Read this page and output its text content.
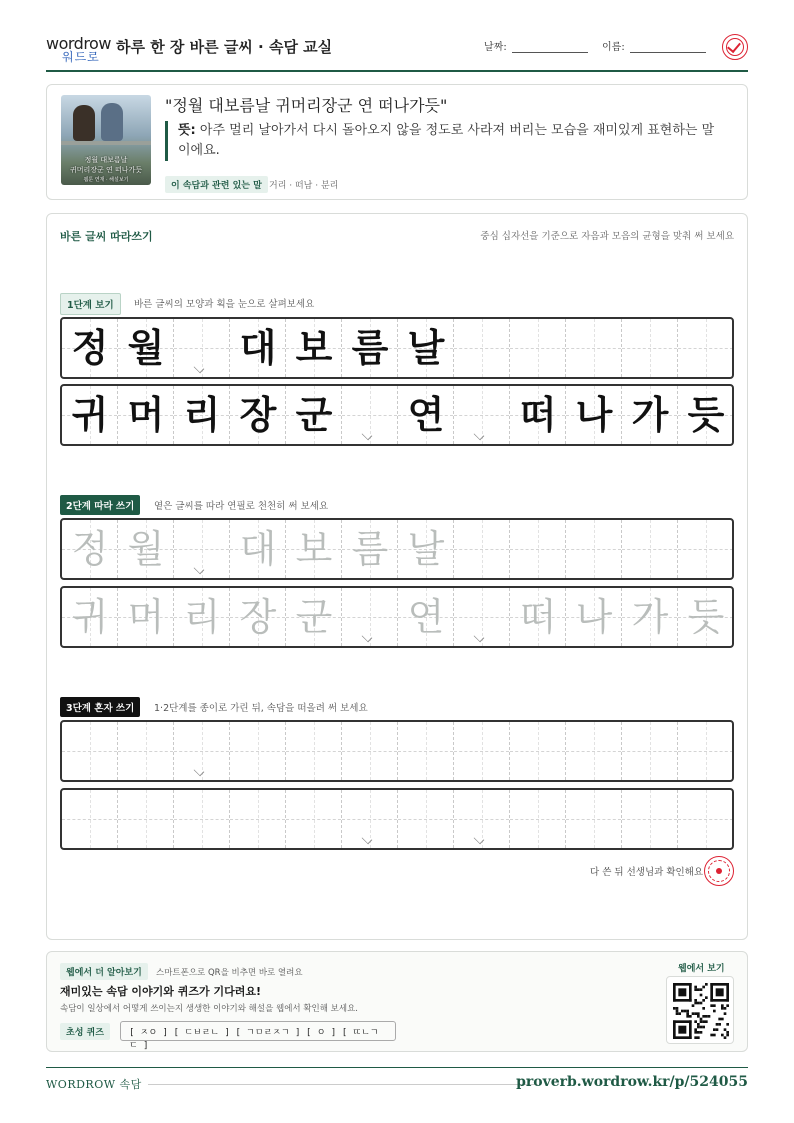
wordrow
워드로
하루 한 장 바른 글씨 · 속담 교실	날짜:	이름:
정월 대보름날
귀머리장군 연 떠나가듯
웹툰 연재 · 해설보기
"정월 대보름날 귀머리장군 연 떠나가듯"
뜻: 아주 멀리 날아가서 다시 돌아오지 않을 정도로 사라져 버리는 모습을 재미있게 표현하는 말이에요.
이 속담과 관련 있는 말 거리 · 떠남 · 분리
바른 글씨 따라쓰기	중심 십자선을 기준으로 자음과 모음의 균형을 맞춰 써 보세요
1단계 보기	바른 글씨의 모양과 획을 눈으로 살펴보세요
정 월 대 보 름 날
귀 머 리 장 군 연 떠 나 가 듯
2단계 따라 쓰기	옅은 글씨를 따라 연필로 천천히 써 보세요
정 월 대 보 름 날
귀 머 리 장 군 연 떠 나 가 듯
3단계 혼자 쓰기	1·2단계를 종이로 가린 뒤, 속담을 떠올려 써 보세요
다 쓴 뒤 선생님과 확인해요
웹에서 더 알아보기	스마트폰으로 QR을 비추면 바로 열려요
재미있는 속담 이야기와 퀴즈가 기다려요!
속담이 일상에서 어떻게 쓰이는지 생생한 이야기와 해설을 웹에서 확인해 보세요.
초성 퀴즈	[ ㅈㅇ ] [ ㄷㅂㄹㄴ ] [ ㄱㅁㄹㅈㄱ ] [ ㅇ ] [ ㄸㄴㄱㄷ ]
웹에서 보기
WORDROW 속담	proverb.wordrow.kr/p/524055
